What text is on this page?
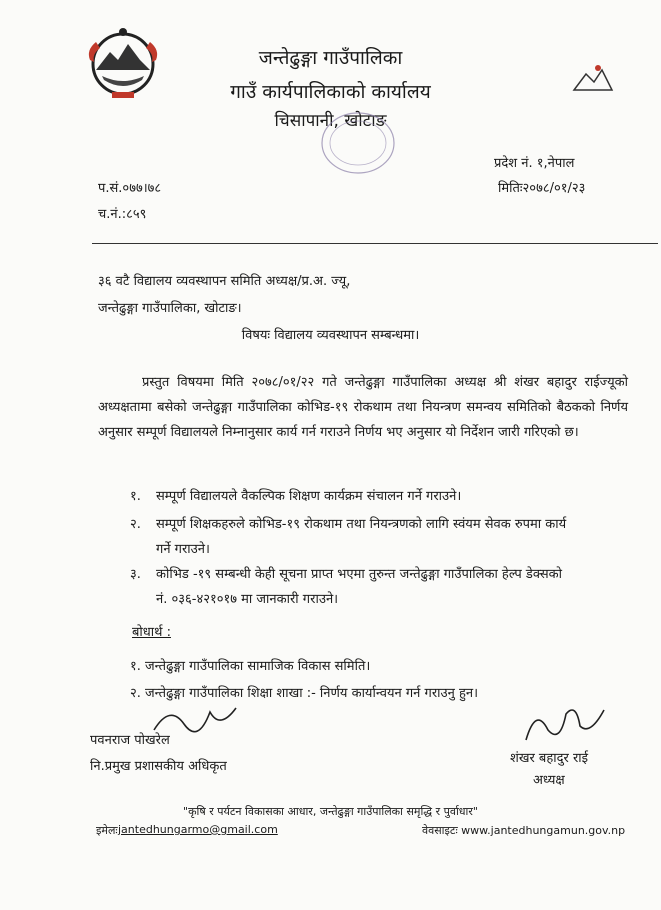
जन्तेढुङ्गा गाउँपालिका
गाउँ कार्यपालिकाको कार्यालय
चिसापानी, खोटाङ
प्रदेश नं. १,नेपाल
प.सं.०७७।७८	मितिः२०७८/०१/२३
च.नं.:८५९
३६ वटै विद्यालय व्यवस्थापन समिति अध्यक्ष/प्र.अ. ज्यू,
जन्तेढुङ्गा गाउँपालिका, खोटाङ।
विषयः विद्यालय व्यवस्थापन सम्बन्धमा।

प्रस्तुत विषयमा मिति २०७८/०१/२२ गते जन्तेढुङ्गा गाउँपालिका अध्यक्ष श्री शंखर बहादुर राईज्यूको अध्यक्षतामा बसेको जन्तेढुङ्गा गाउँपालिका कोभिड-१९ रोकथाम तथा नियन्त्रण समन्वय समितिको बैठकको निर्णय अनुसार सम्पूर्ण विद्यालयले निम्नानुसार कार्य गर्न गराउने निर्णय भए अनुसार यो निर्देशन जारी गरिएको छ।

१. सम्पूर्ण विद्यालयले वैकल्पिक शिक्षण कार्यक्रम संचालन गर्ने गराउने।
२. सम्पूर्ण शिक्षकहरुले कोभिड-१९ रोकथाम तथा नियन्त्रणको लागि स्वंयम सेवक रुपमा कार्य
गर्ने गराउने।
३. कोभिड -१९ सम्बन्धी केही सूचना प्राप्त भएमा तुरुन्त जन्तेढुङ्गा गाउँपालिका हेल्प डेक्सको
नं. ०३६-४२१०१७ मा जानकारी गराउने।
बोधार्थ :
१. जन्तेढुङ्गा गाउँपालिका सामाजिक विकास समिति।
२. जन्तेढुङ्गा गाउँपालिका शिक्षा शाखा :- निर्णय कार्यान्वयन गर्न गराउनु हुन।
पवनराज पोखरेल
नि.प्रमुख प्रशासकीय अधिकृत
शंखर बहादुर राई
अध्यक्ष
"कृषि र पर्यटन विकासका आधार, जन्तेढुङ्गा गाउँपालिका समृद्धि र पुर्वाधार"
इमेलः jantedhungarmo@gmail.com	वेवसाइटः www.jantedhungamun.gov.np
